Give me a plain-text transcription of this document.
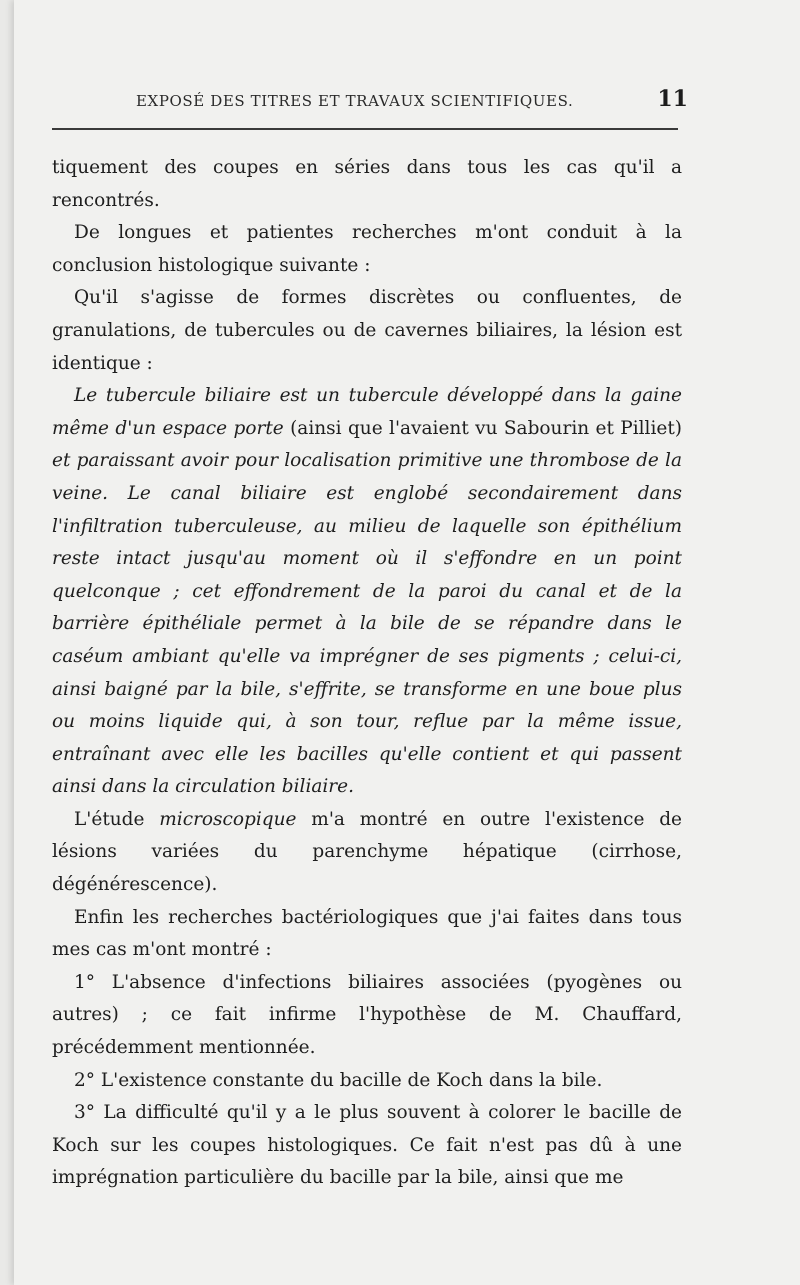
EXPOSÉ DES TITRES ET TRAVAUX SCIENTIFIQUES.	11

tiquement des coupes en séries dans tous les cas qu'il a rencontrés.

De longues et patientes recherches m'ont conduit à la conclusion histologique suivante :

Qu'il s'agisse de formes discrètes ou confluentes, de granulations, de tubercules ou de cavernes biliaires, la lésion est identique :

Le tubercule biliaire est un tubercule développé dans la gaine même d'un espace porte (ainsi que l'avaient vu Sabourin et Pilliet) et paraissant avoir pour localisation primitive une thrombose de la veine. Le canal biliaire est englobé secondairement dans l'infiltration tuberculeuse, au milieu de laquelle son épithélium reste intact jusqu'au moment où il s'effondre en un point quelconque ; cet effondrement de la paroi du canal et de la barrière épithéliale permet à la bile de se répandre dans le caséum ambiant qu'elle va imprégner de ses pigments ; celui-ci, ainsi baigné par la bile, s'effrite, se transforme en une boue plus ou moins liquide qui, à son tour, reflue par la même issue, entraînant avec elle les bacilles qu'elle contient et qui passent ainsi dans la circulation biliaire.

L'étude microscopique m'a montré en outre l'existence de lésions variées du parenchyme hépatique (cirrhose, dégénérescence).

Enfin les recherches bactériologiques que j'ai faites dans tous mes cas m'ont montré :

1° L'absence d'infections biliaires associées (pyogènes ou autres) ; ce fait infirme l'hypothèse de M. Chauffard, précédemment mentionnée.

2° L'existence constante du bacille de Koch dans la bile.

3° La difficulté qu'il y a le plus souvent à colorer le bacille de Koch sur les coupes histologiques. Ce fait n'est pas dû à une imprégnation particulière du bacille par la bile, ainsi que me
